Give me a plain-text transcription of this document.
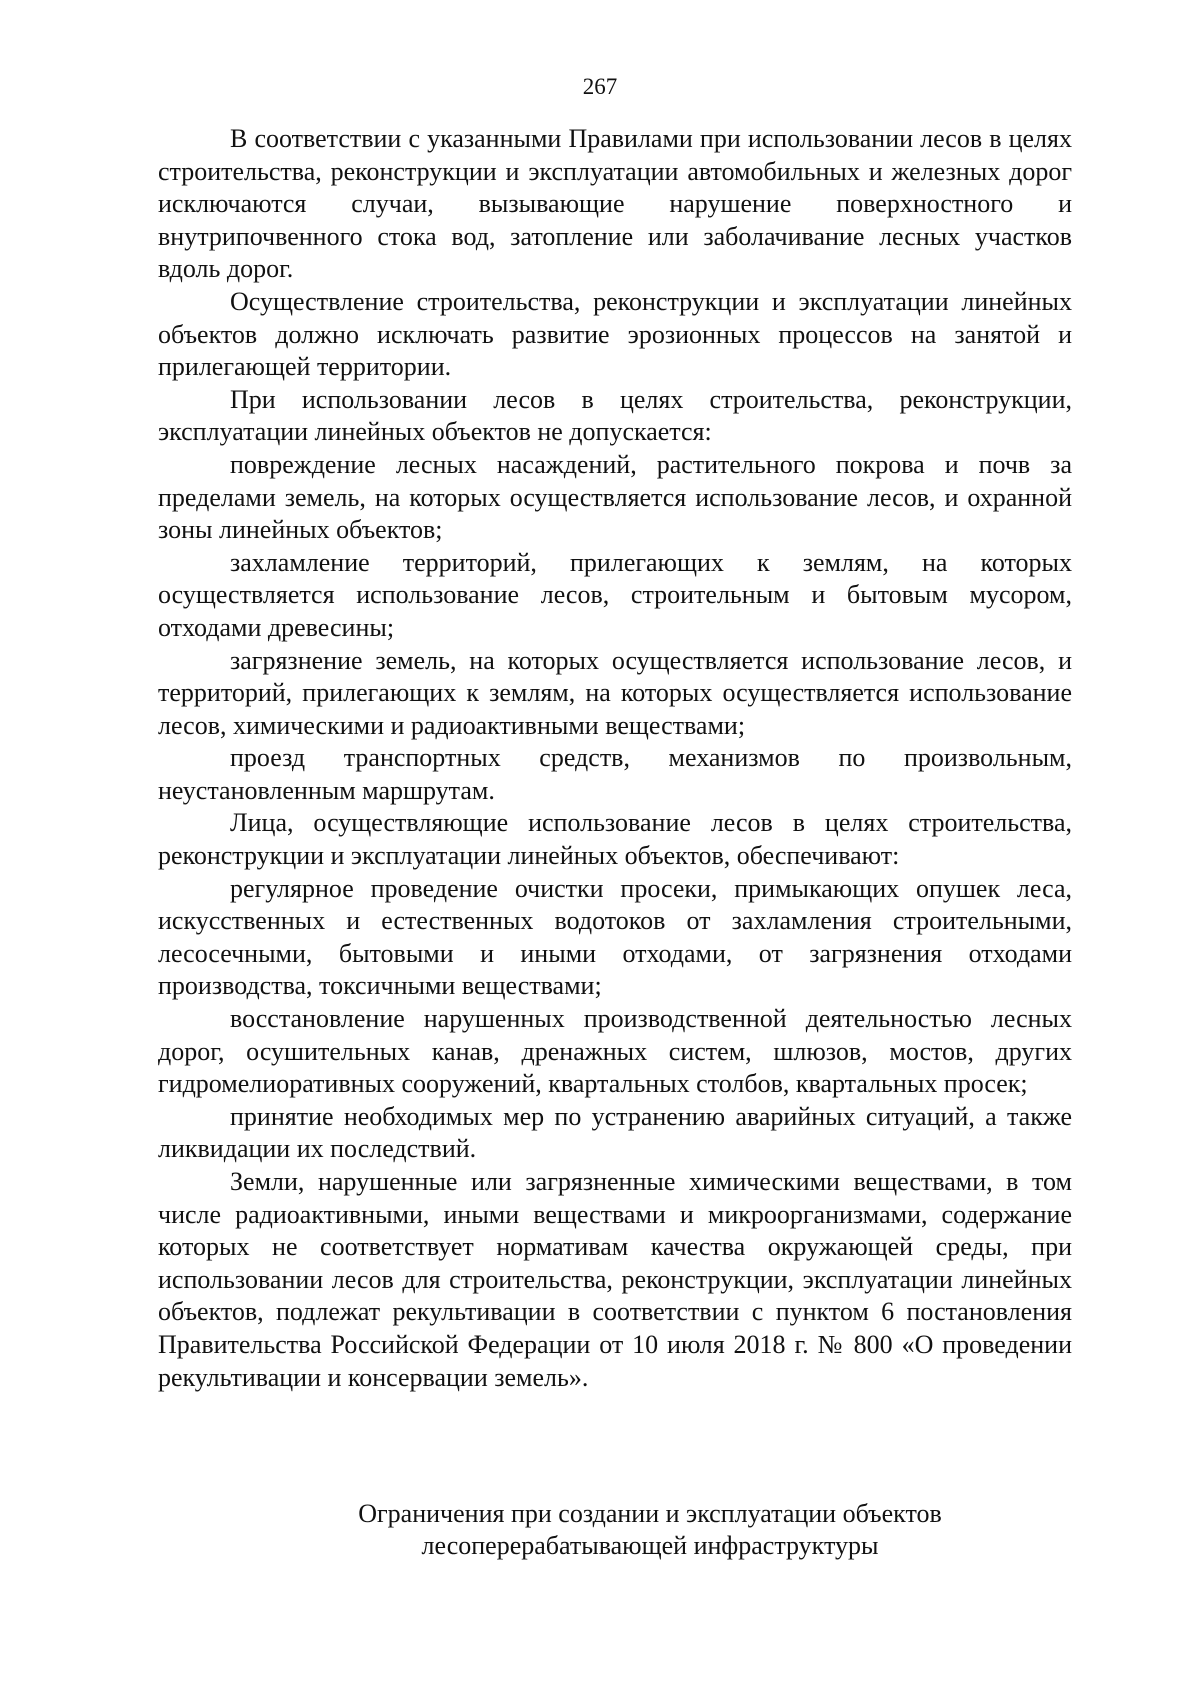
267

В соответствии с указанными Правилами при использовании лесов в целях строительства, реконструкции и эксплуатации автомобильных и железных дорог исключаются случаи, вызывающие нарушение поверхностного и внутрипочвенного стока вод, затопление или заболачивание лесных участков вдоль дорог.

Осуществление строительства, реконструкции и эксплуатации линейных объектов должно исключать развитие эрозионных процессов на занятой и прилегающей территории.

При использовании лесов в целях строительства, реконструкции, эксплуатации линейных объектов не допускается:

повреждение лесных насаждений, растительного покрова и почв за пределами земель, на которых осуществляется использование лесов, и охранной зоны линейных объектов;

захламление территорий, прилегающих к землям, на которых осуществляется использование лесов, строительным и бытовым мусором, отходами древесины;

загрязнение земель, на которых осуществляется использование лесов, и территорий, прилегающих к землям, на которых осуществляется использование лесов, химическими и радиоактивными веществами;

проезд транспортных средств, механизмов по произвольным, неустановленным маршрутам.

Лица, осуществляющие использование лесов в целях строительства, реконструкции и эксплуатации линейных объектов, обеспечивают:

регулярное проведение очистки просеки, примыкающих опушек леса, искусственных и естественных водотоков от захламления строительными, лесосечными, бытовыми и иными отходами, от загрязнения отходами производства, токсичными веществами;

восстановление нарушенных производственной деятельностью лесных дорог, осушительных канав, дренажных систем, шлюзов, мостов, других гидромелиоративных сооружений, квартальных столбов, квартальных просек;

принятие необходимых мер по устранению аварийных ситуаций, а также ликвидации их последствий.

Земли, нарушенные или загрязненные химическими веществами, в том числе радиоактивными, иными веществами и микроорганизмами, содержание которых не соответствует нормативам качества окружающей среды, при использовании лесов для строительства, реконструкции, эксплуатации линейных объектов, подлежат рекультивации в соответствии с пунктом 6 постановления Правительства Российской Федерации от 10 июля 2018 г. № 800 «О проведении рекультивации и консервации земель».

Ограничения при создании и эксплуатации объектов
лесоперерабатывающей инфраструктуры
